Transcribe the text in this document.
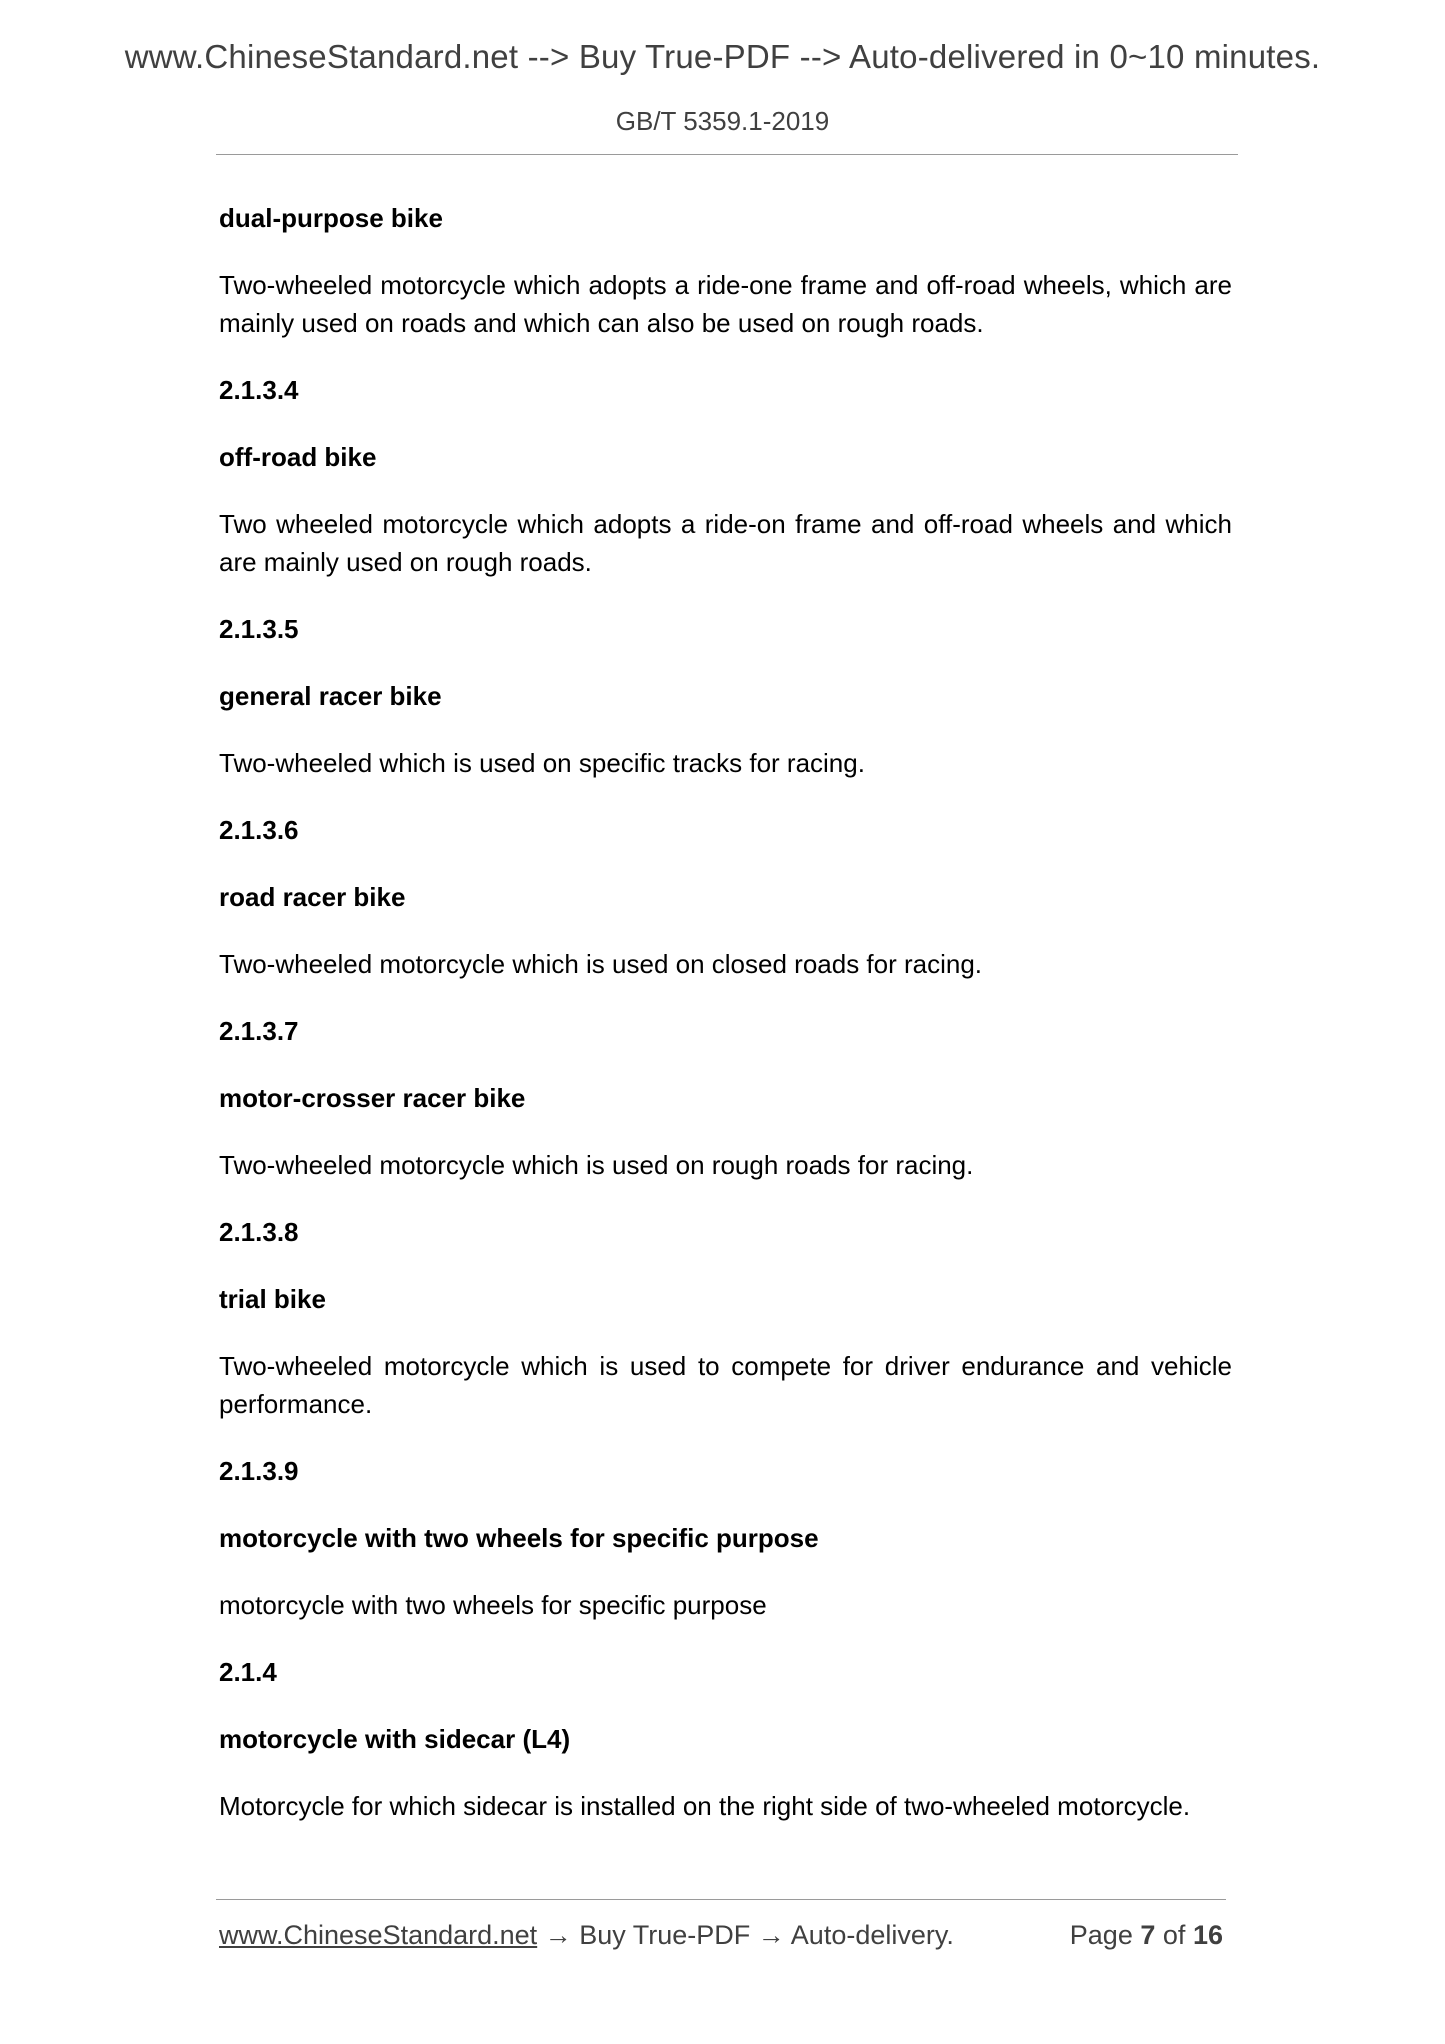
www.ChineseStandard.net --> Buy True-PDF --> Auto-delivered in 0~10 minutes.
GB/T 5359.1-2019
dual-purpose bike
Two-wheeled motorcycle which adopts a ride-one frame and off-road wheels, which are mainly used on roads and which can also be used on rough roads.
2.1.3.4
off-road bike
Two wheeled motorcycle which adopts a ride-on frame and off-road wheels and which are mainly used on rough roads.
2.1.3.5
general racer bike
Two-wheeled which is used on specific tracks for racing.
2.1.3.6
road racer bike
Two-wheeled motorcycle which is used on closed roads for racing.
2.1.3.7
motor-crosser racer bike
Two-wheeled motorcycle which is used on rough roads for racing.
2.1.3.8
trial bike
Two-wheeled motorcycle which is used to compete for driver endurance and vehicle performance.
2.1.3.9
motorcycle with two wheels for specific purpose
motorcycle with two wheels for specific purpose
2.1.4
motorcycle with sidecar (L4)
Motorcycle for which sidecar is installed on the right side of two-wheeled motorcycle.
www.ChineseStandard.net → Buy True-PDF → Auto-delivery.	Page 7 of 16
